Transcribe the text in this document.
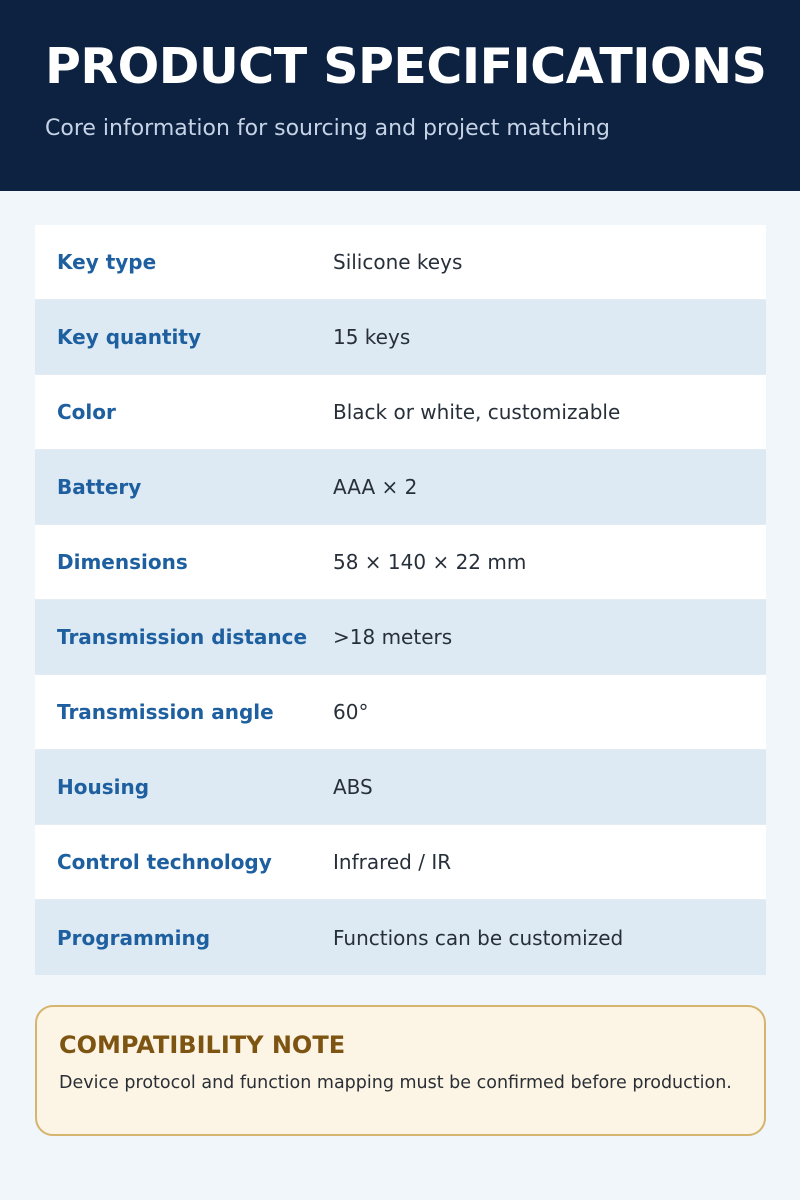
PRODUCT SPECIFICATIONS
Core information for sourcing and project matching
Key type	Silicone keys
Key quantity	15 keys
Color	Black or white, customizable
Battery	AAA × 2
Dimensions	58 × 140 × 22 mm
Transmission distance	>18 meters
Transmission angle	60°
Housing	ABS
Control technology	Infrared / IR
Programming	Functions can be customized
COMPATIBILITY NOTE
Device protocol and function mapping must be confirmed before production.
